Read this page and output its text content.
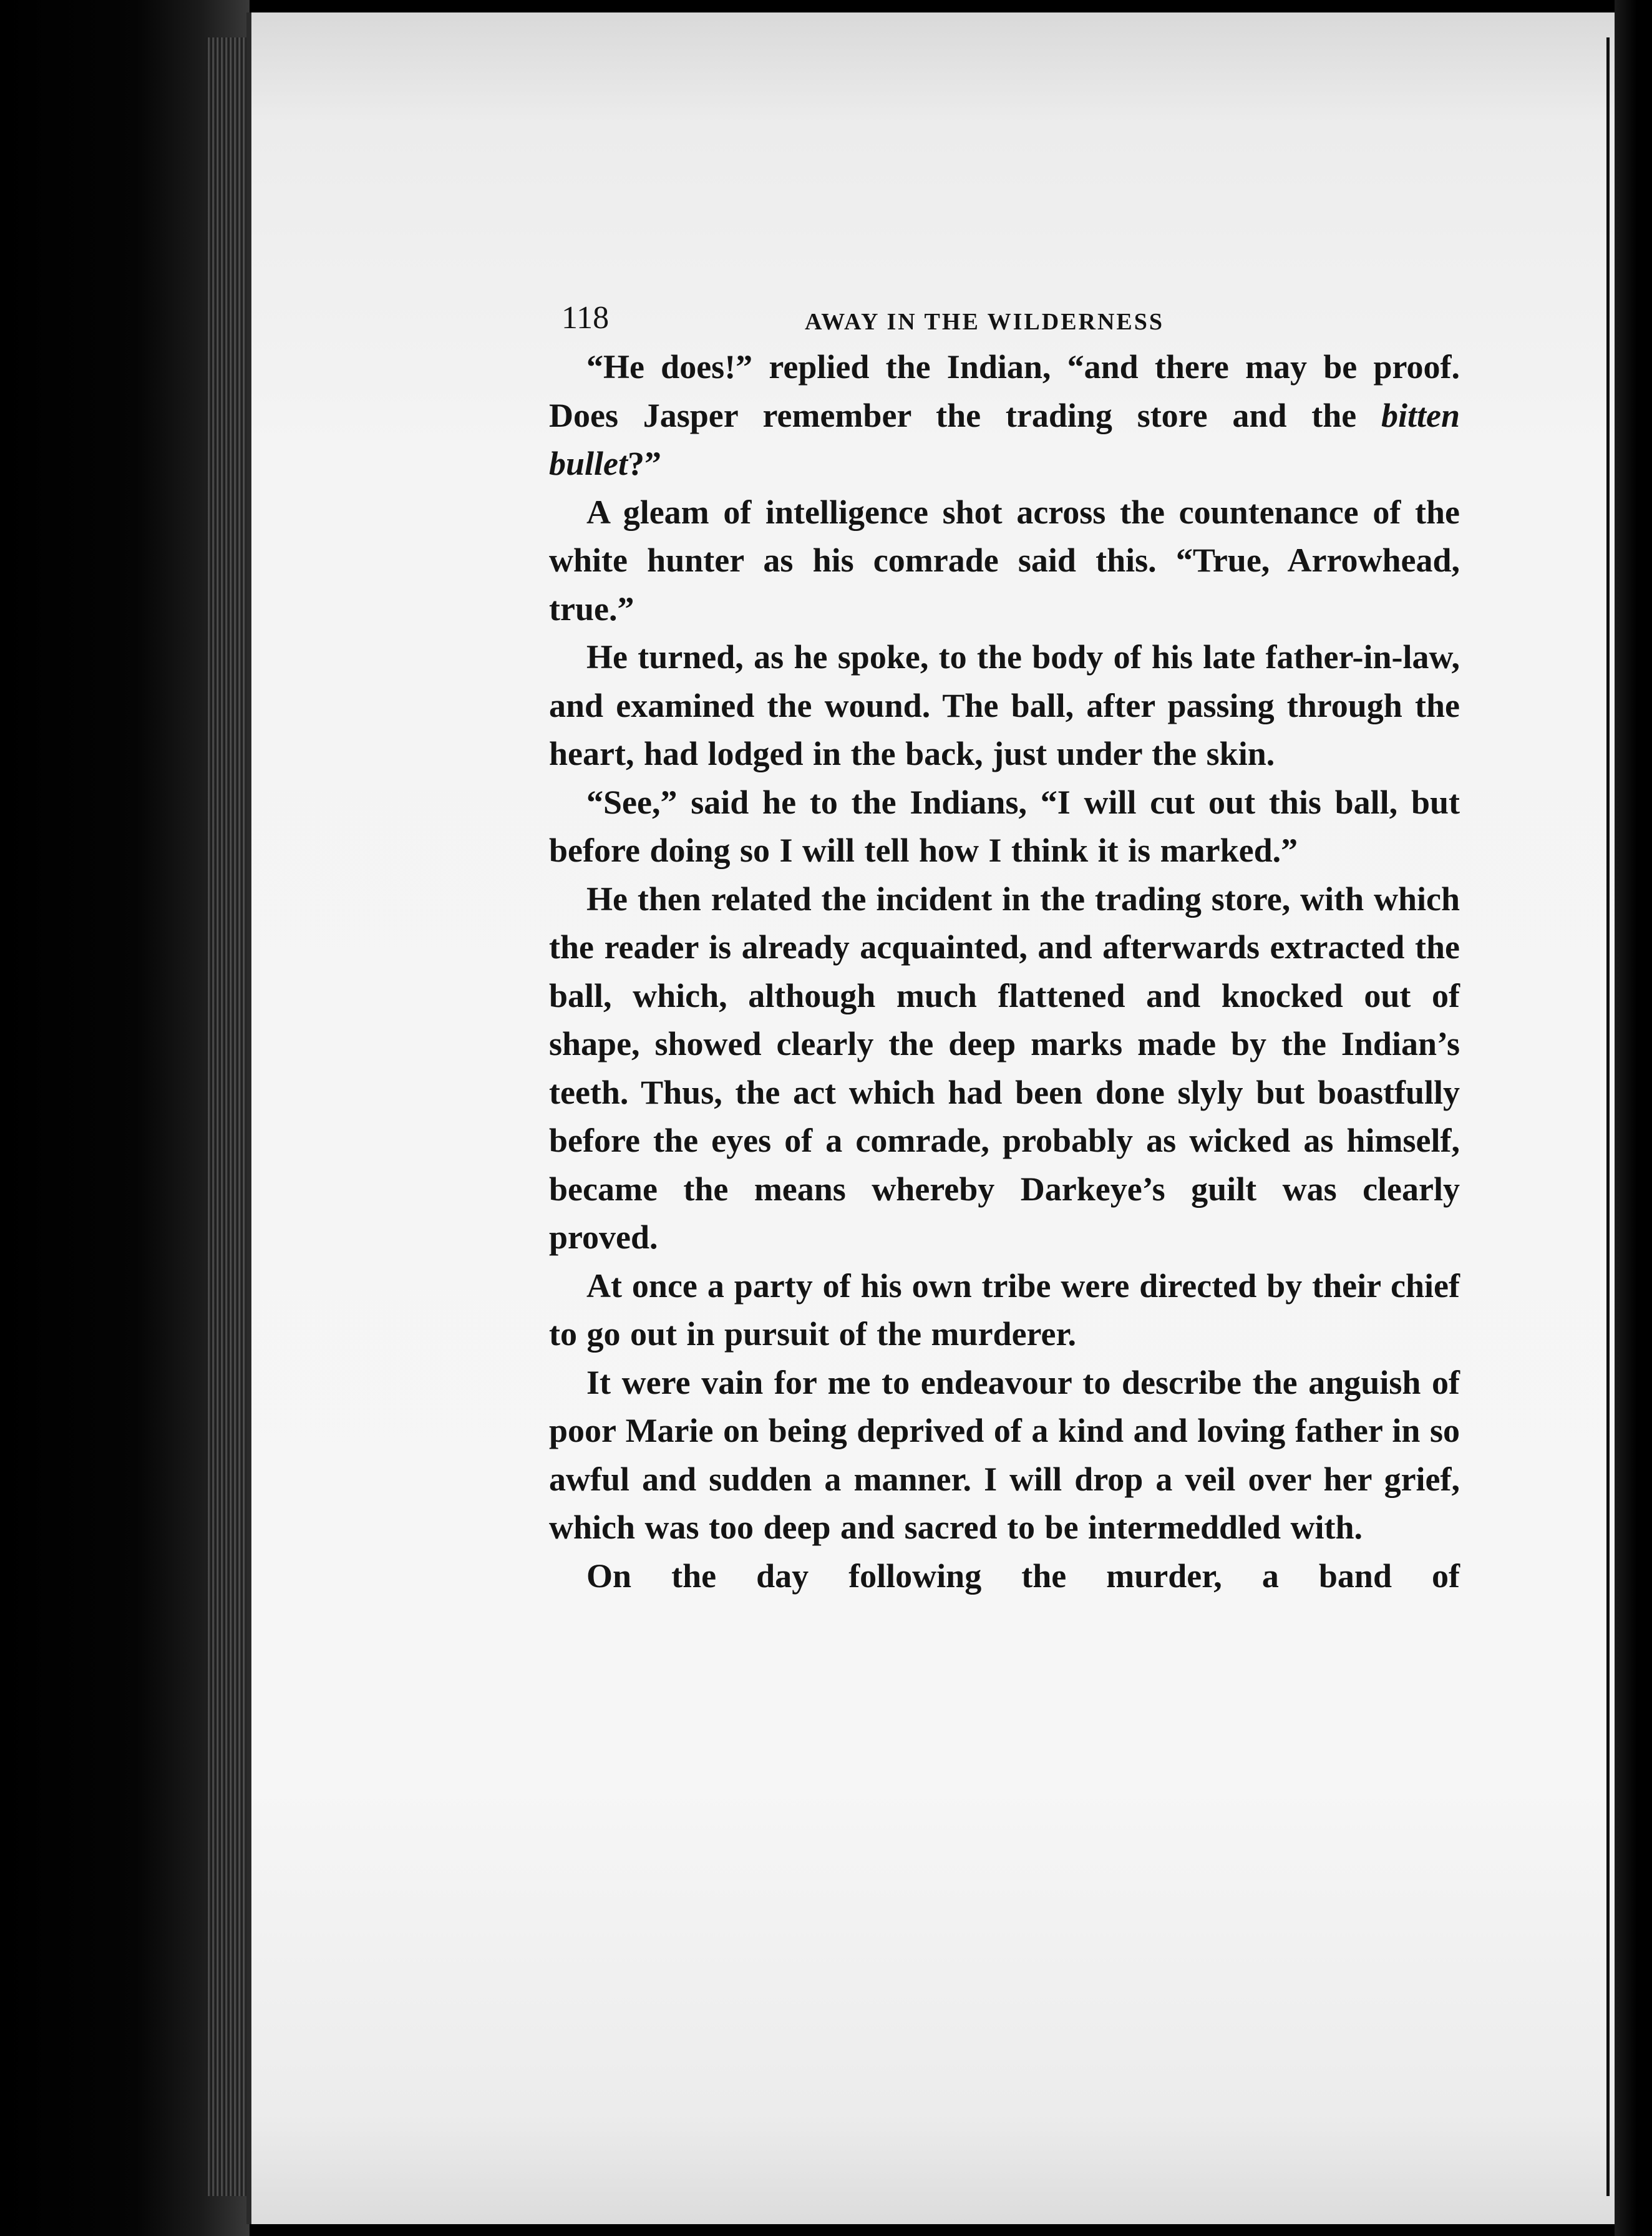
118	AWAY IN THE WILDERNESS

“He does!” replied the Indian, “and there may be proof. Does Jasper remember the trading store and the bitten bullet?”

A gleam of intelligence shot across the countenance of the white hunter as his comrade said this. “True, Arrowhead, true.”

He turned, as he spoke, to the body of his late father-in-law, and examined the wound. The ball, after passing through the heart, had lodged in the back, just under the skin.

“See,” said he to the Indians, “I will cut out this ball, but before doing so I will tell how I think it is marked.”

He then related the incident in the trading store, with which the reader is already acquainted, and afterwards extracted the ball, which, although much flattened and knocked out of shape, showed clearly the deep marks made by the Indian’s teeth. Thus, the act which had been done slyly but boastfully before the eyes of a comrade, probably as wicked as himself, became the means whereby Darkeye’s guilt was clearly proved.

At once a party of his own tribe were directed by their chief to go out in pursuit of the murderer.

It were vain for me to endeavour to describe the anguish of poor Marie on being deprived of a kind and loving father in so awful and sudden a manner. I will drop a veil over her grief, which was too deep and sacred to be intermeddled with.

On the day following the murder, a band of
